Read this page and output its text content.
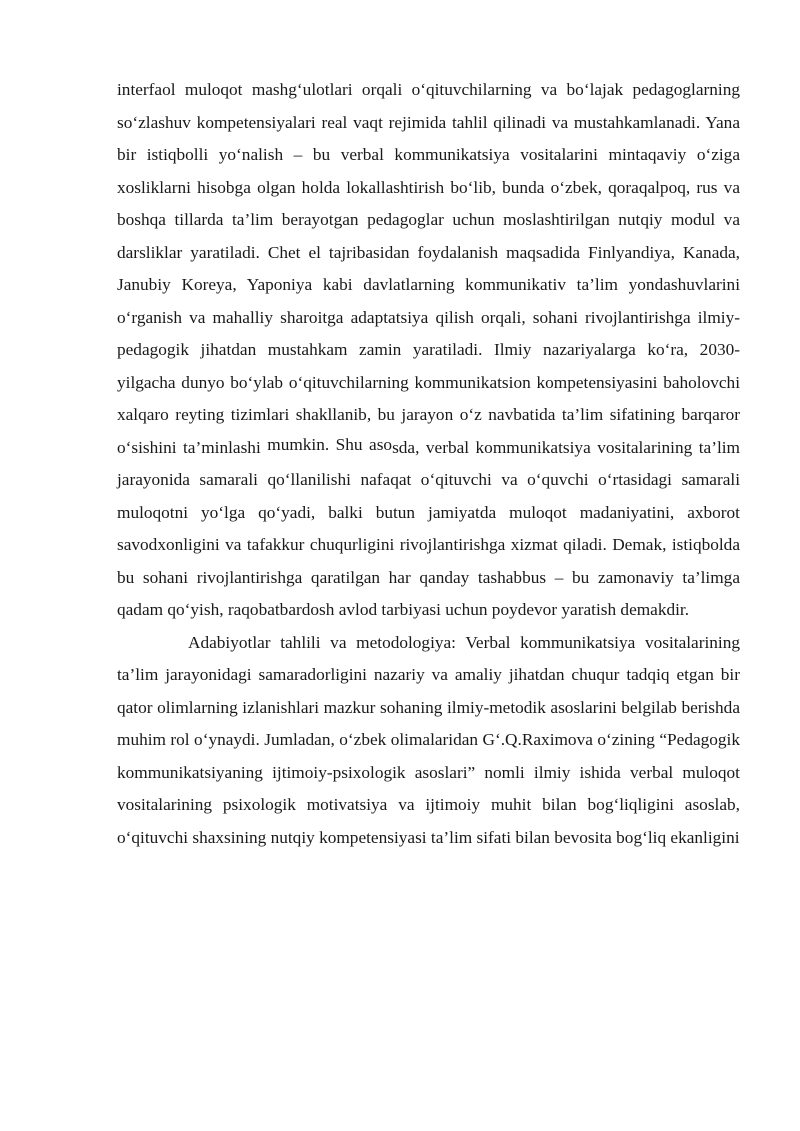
interfaol muloqot mashg‘ulotlari orqali o‘qituvchilarning va bo‘lajak pedagoglarning so‘zlashuv kompetensiyalari real vaqt rejimida tahlil qilinadi va mustahkamlanadi. Yana bir istiqbolli yo‘nalish – bu verbal kommunikatsiya vositalarini mintaqaviy o‘ziga xosliklarni hisobga olgan holda lokallashtirish bo‘lib, bunda o‘zbek, qoraqalpoq, rus va boshqa tillarda ta’lim berayotgan pedagoglar uchun moslashtirilgan nutqiy modul va darsliklar yaratiladi. Chet el tajribasidan foydalanish maqsadida Finlyandiya, Kanada, Janubiy Koreya, Yaponiya kabi davlatlarning kommunikativ ta’lim yondashuvlarini o‘rganish va mahalliy sharoitga adaptatsiya qilish orqali, sohani rivojlantirishga ilmiy-pedagogik jihatdan mustahkam zamin yaratiladi. Ilmiy nazariyalarga ko‘ra, 2030-yilgacha dunyo bo‘ylab o‘qituvchilarning kommunikatsion kompetensiyasini baholovchi xalqaro reyting tizimlari shakllanib, bu jarayon o‘z navbatida ta’lim sifatining barqaror o‘sishini ta’minlashi mumkin. Shu asosda, verbal kommunikatsiya vositalarining ta’lim jarayonida samarali qo‘llanilishi nafaqat o‘qituvchi va o‘quvchi o‘rtasidagi samarali muloqotni yo‘lga qo‘yadi, balki butun jamiyatda muloqot madaniyatini, axborot savodxonligini va tafakkur chuqurligini rivojlantirishga xizmat qiladi. Demak, istiqbolda bu sohani rivojlantirishga qaratilgan har qanday tashabbus – bu zamonaviy ta’limga qadam qo‘yish, raqobatbardosh avlod tarbiyasi uchun poydevor yaratish demakdir.

Adabiyotlar tahlili va metodologiya: Verbal kommunikatsiya vositalarining ta’lim jarayonidagi samaradorligini nazariy va amaliy jihatdan chuqur tadqiq etgan bir qator olimlarning izlanishlari mazkur sohaning ilmiy-metodik asoslarini belgilab berishda muhim rol o‘ynaydi. Jumladan, o‘zbek olimalaridan G‘.Q.Raximova o‘zining “Pedagogik kommunikatsiyaning ijtimoiy-psixologik asoslari” nomli ilmiy ishida verbal muloqot vositalarining psixologik motivatsiya va ijtimoiy muhit bilan bog‘liqligini asoslab, o‘qituvchi shaxsining nutqiy kompetensiyasi ta’lim sifati bilan bevosita bog‘liq ekanligini
